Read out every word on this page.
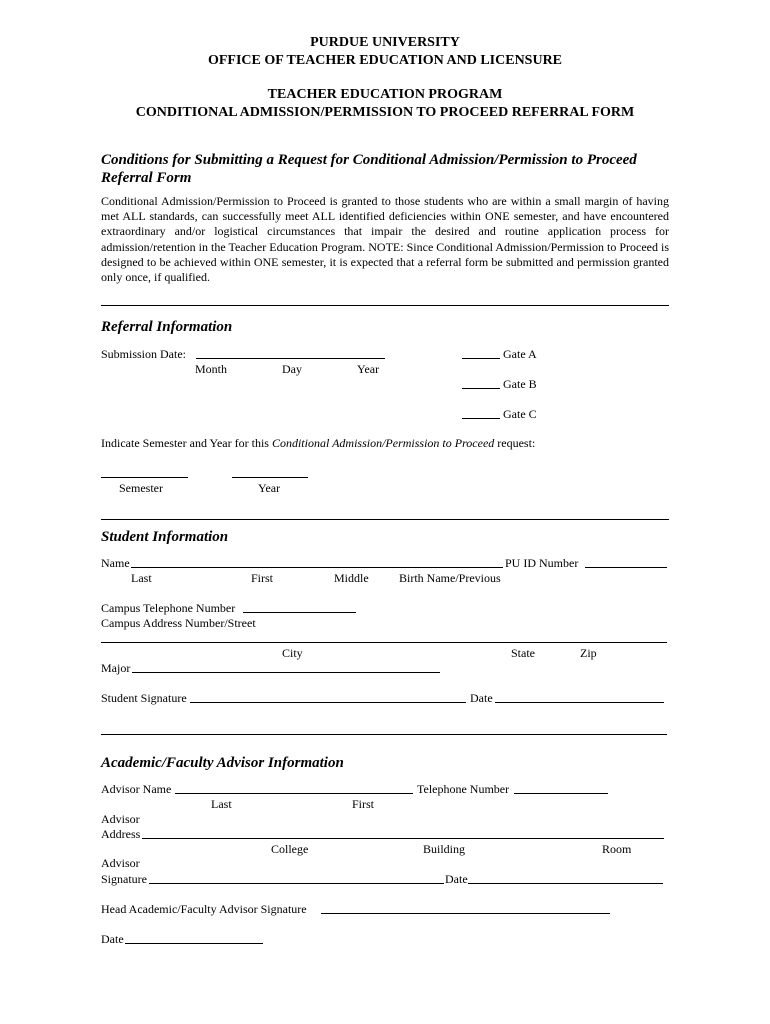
PURDUE UNIVERSITY
OFFICE OF TEACHER EDUCATION AND LICENSURE
TEACHER EDUCATION PROGRAM
CONDITIONAL ADMISSION/PERMISSION TO PROCEED REFERRAL FORM
Conditions for Submitting a Request for Conditional Admission/Permission to Proceed
Referral Form
Conditional Admission/Permission to Proceed is granted to those students who are within a small margin of having met ALL standards, can successfully meet ALL identified deficiencies within ONE semester, and have encountered extraordinary and/or logistical circumstances that impair the desired and routine application process for admission/retention in the Teacher Education Program. NOTE: Since Conditional Admission/Permission to Proceed is designed to be achieved within ONE semester, it is expected that a referral form be submitted and permission granted only once, if qualified.
Referral Information
Submission Date:
Month	Day	Year
Gate A
Gate B
Gate C
Indicate Semester and Year for this Conditional Admission/Permission to Proceed request:
Semester	Year
Student Information
Name	PU ID Number
Last	First	Middle	Birth Name/Previous
Campus Telephone Number
Campus Address Number/Street
City	State	Zip
Major
Student Signature	Date
Academic/Faculty Advisor Information
Advisor Name	Telephone Number
Last	First
Advisor
Address
College	Building	Room
Advisor
Signature	Date
Head Academic/Faculty Advisor Signature
Date
